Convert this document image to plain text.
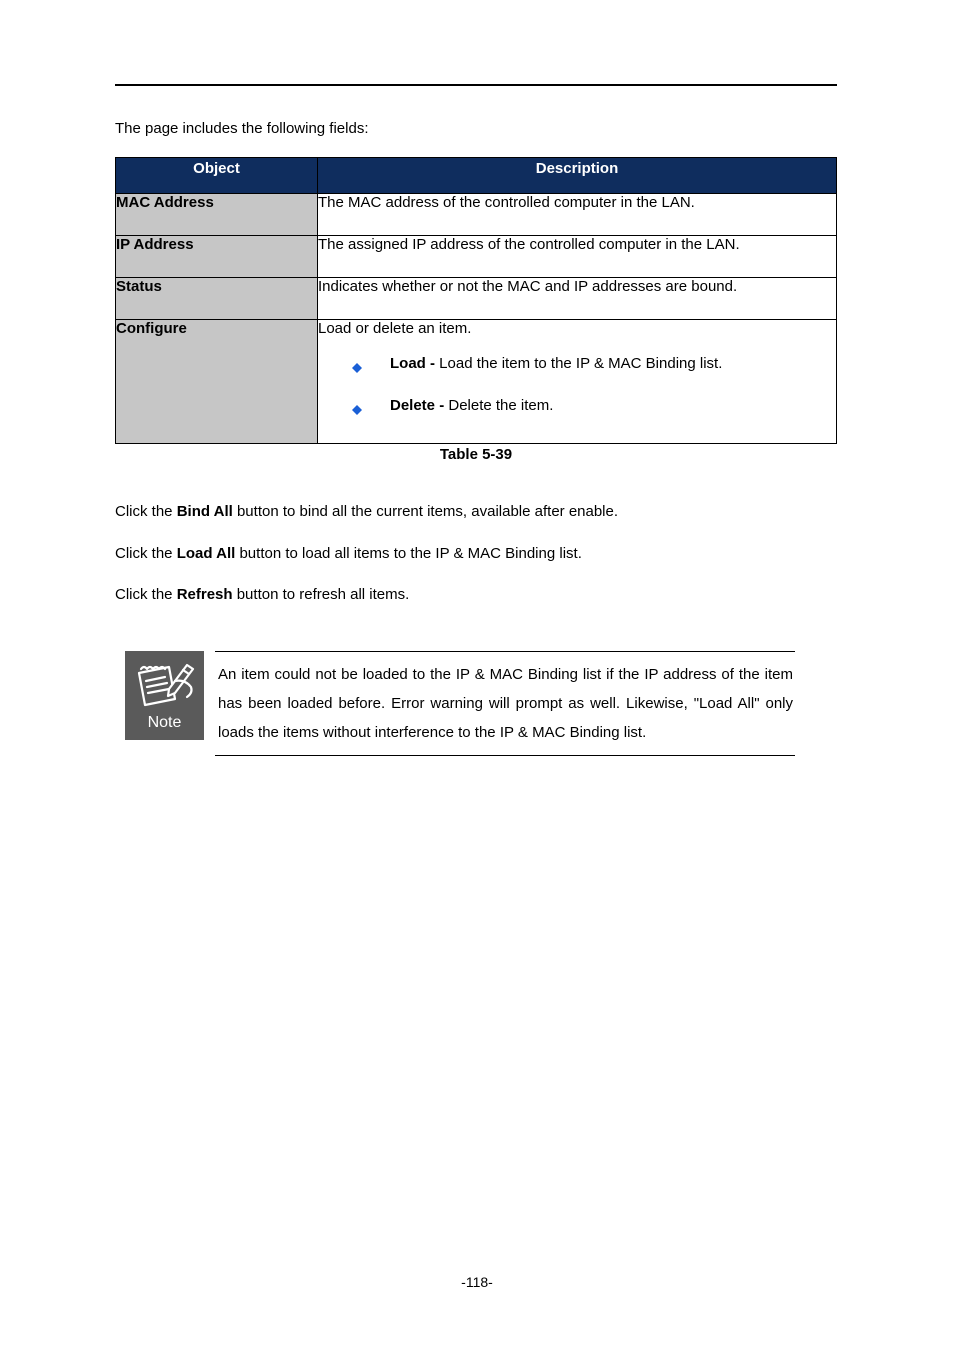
The page includes the following fields:
Object	Description
MAC Address	The MAC address of the controlled computer in the LAN.
IP Address	The assigned IP address of the controlled computer in the LAN.
Status	Indicates whether or not the MAC and IP addresses are bound.
Configure	Load or delete an item.
Load - Load the item to the IP & MAC Binding list.
Delete - Delete the item.
Table 5-39
Click the Bind All button to bind all the current items, available after enable.
Click the Load All button to load all items to the IP & MAC Binding list.
Click the Refresh button to refresh all items.
Note
An item could not be loaded to the IP & MAC Binding list if the IP address of the item has been loaded before. Error warning will prompt as well. Likewise, "Load All" only loads the items without interference to the IP & MAC Binding list.
-118-
